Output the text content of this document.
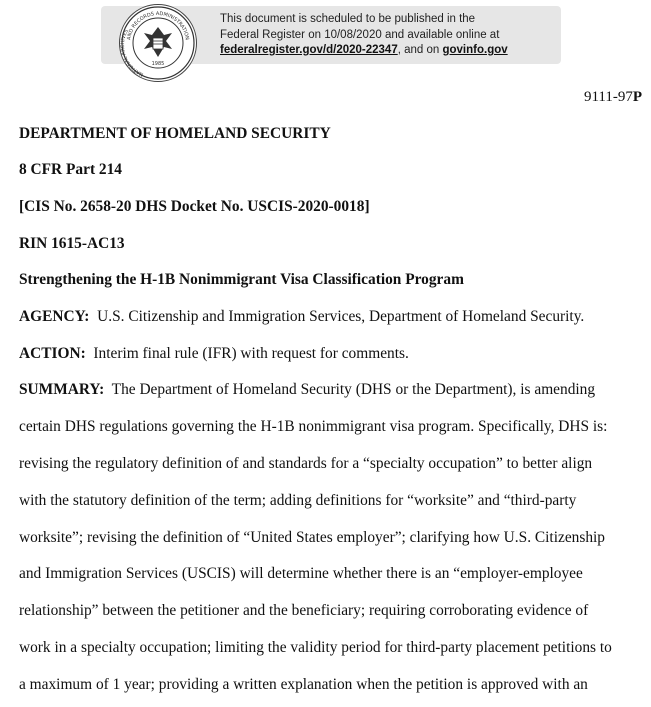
1985
AND RECORDS ADMINISTRATION
NATIONAL ARCHIVES
This document is scheduled to be published in the
Federal Register on 10/08/2020 and available online at
federalregister.gov/d/2020-22347, and on govinfo.gov
9111-97P
DEPARTMENT OF HOMELAND SECURITY
8 CFR Part 214
[CIS No. 2658-20 DHS Docket No. USCIS-2020-0018]
RIN 1615-AC13
Strengthening the H-1B Nonimmigrant Visa Classification Program
AGENCY: U.S. Citizenship and Immigration Services, Department of Homeland Security.
ACTION: Interim final rule (IFR) with request for comments.
SUMMARY: The Department of Homeland Security (DHS or the Department), is amending
certain DHS regulations governing the H-1B nonimmigrant visa program. Specifically, DHS is:
revising the regulatory definition of and standards for a “specialty occupation” to better align
with the statutory definition of the term; adding definitions for “worksite” and “third-party
worksite”; revising the definition of “United States employer”; clarifying how U.S. Citizenship
and Immigration Services (USCIS) will determine whether there is an “employer-employee
relationship” between the petitioner and the beneficiary; requiring corroborating evidence of
work in a specialty occupation; limiting the validity period for third-party placement petitions to
a maximum of 1 year; providing a written explanation when the petition is approved with an
